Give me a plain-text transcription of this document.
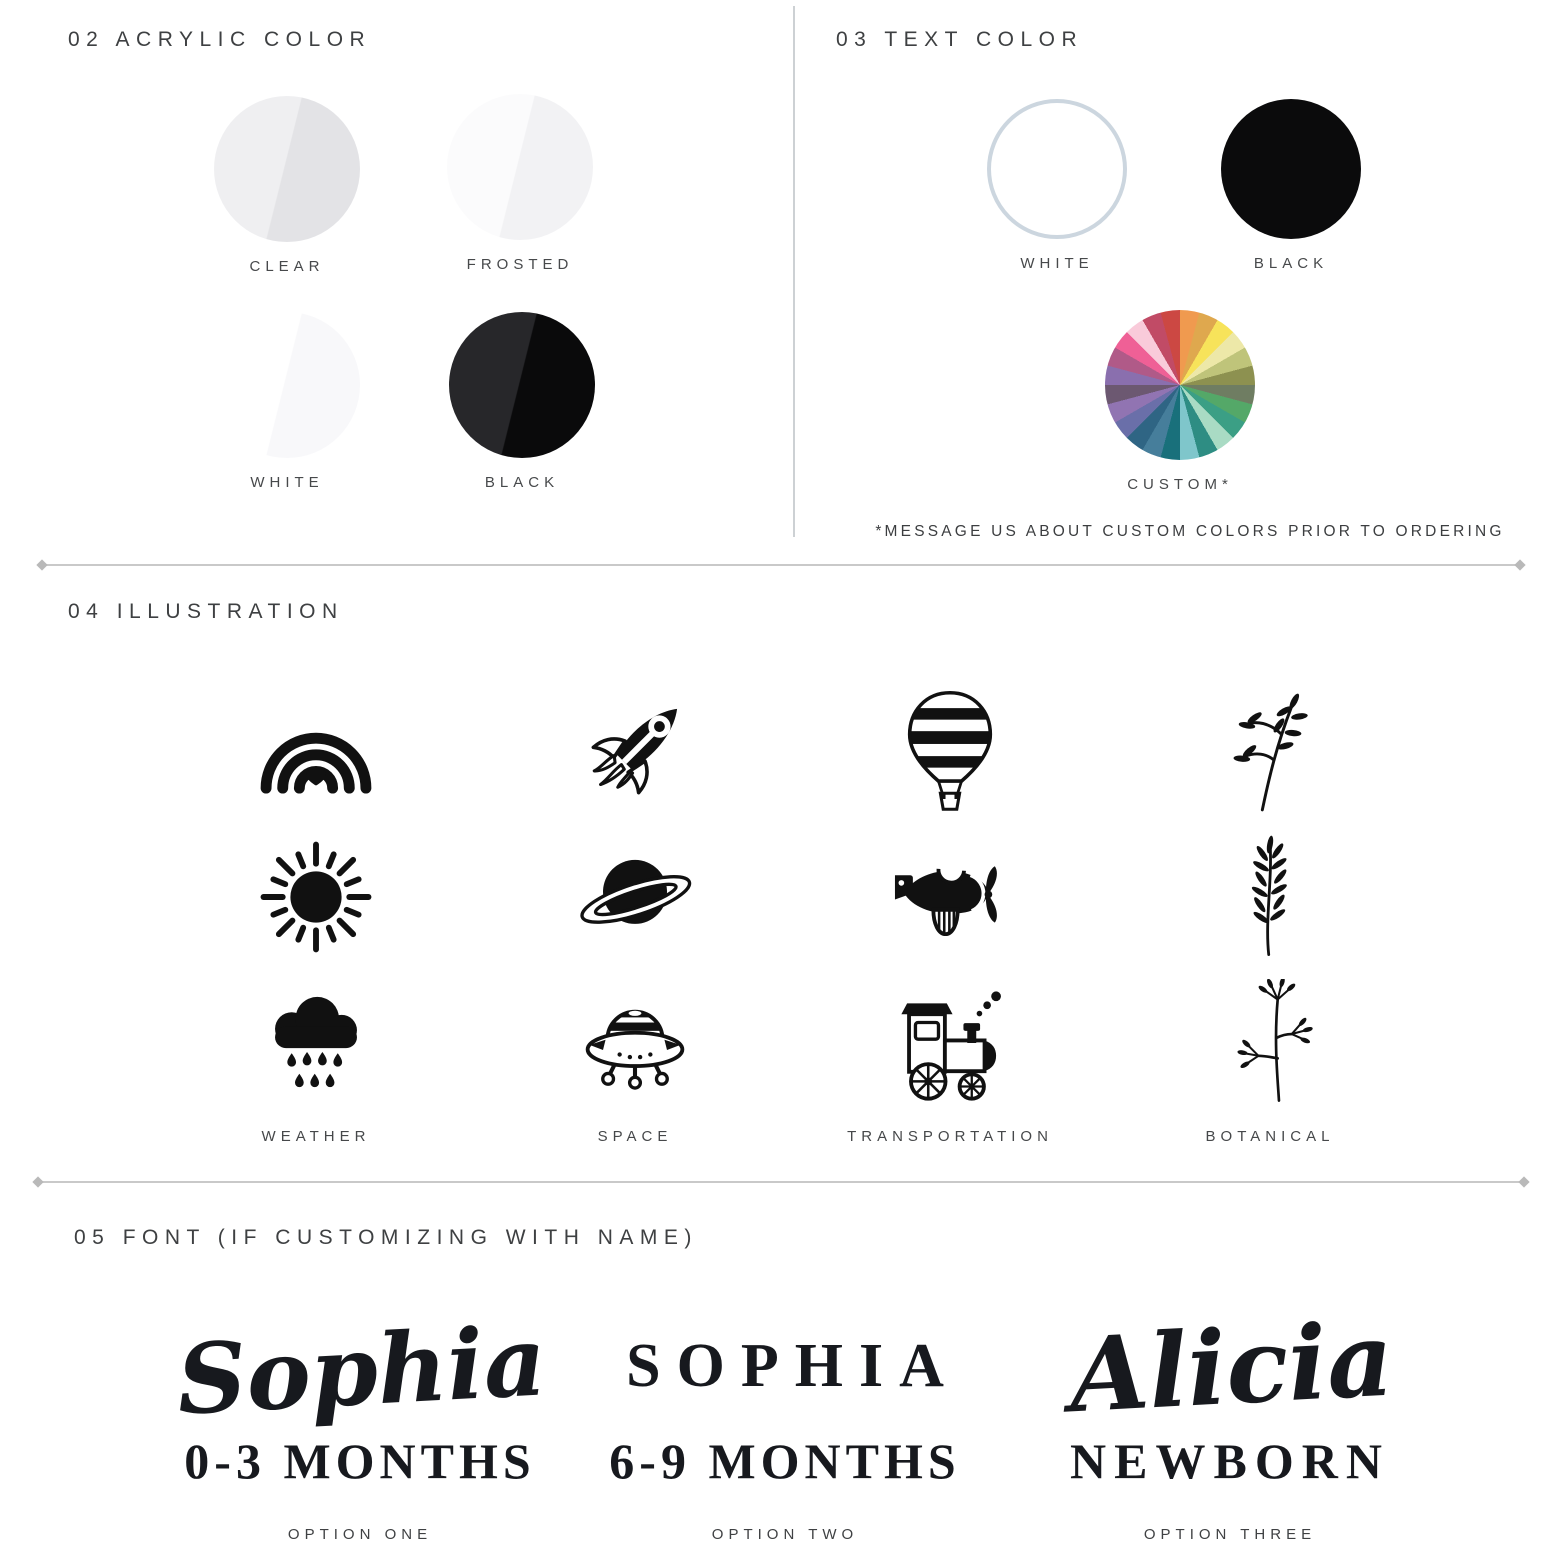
02 ACRYLIC COLOR
CLEAR	FROSTED
WHITE	BLACK
03 TEXT COLOR
WHITE	BLACK
CUSTOM*
*MESSAGE US ABOUT CUSTOM COLORS PRIOR TO ORDERING
04 ILLUSTRATION
WEATHER	SPACE	TRANSPORTATION	BOTANICAL
05 FONT (IF CUSTOMIZING WITH NAME)
Sophia
0-3 MONTHS
OPTION ONE
SOPHIA
6-9 MONTHS
OPTION TWO
Alicia
NEWBORN
OPTION THREE
